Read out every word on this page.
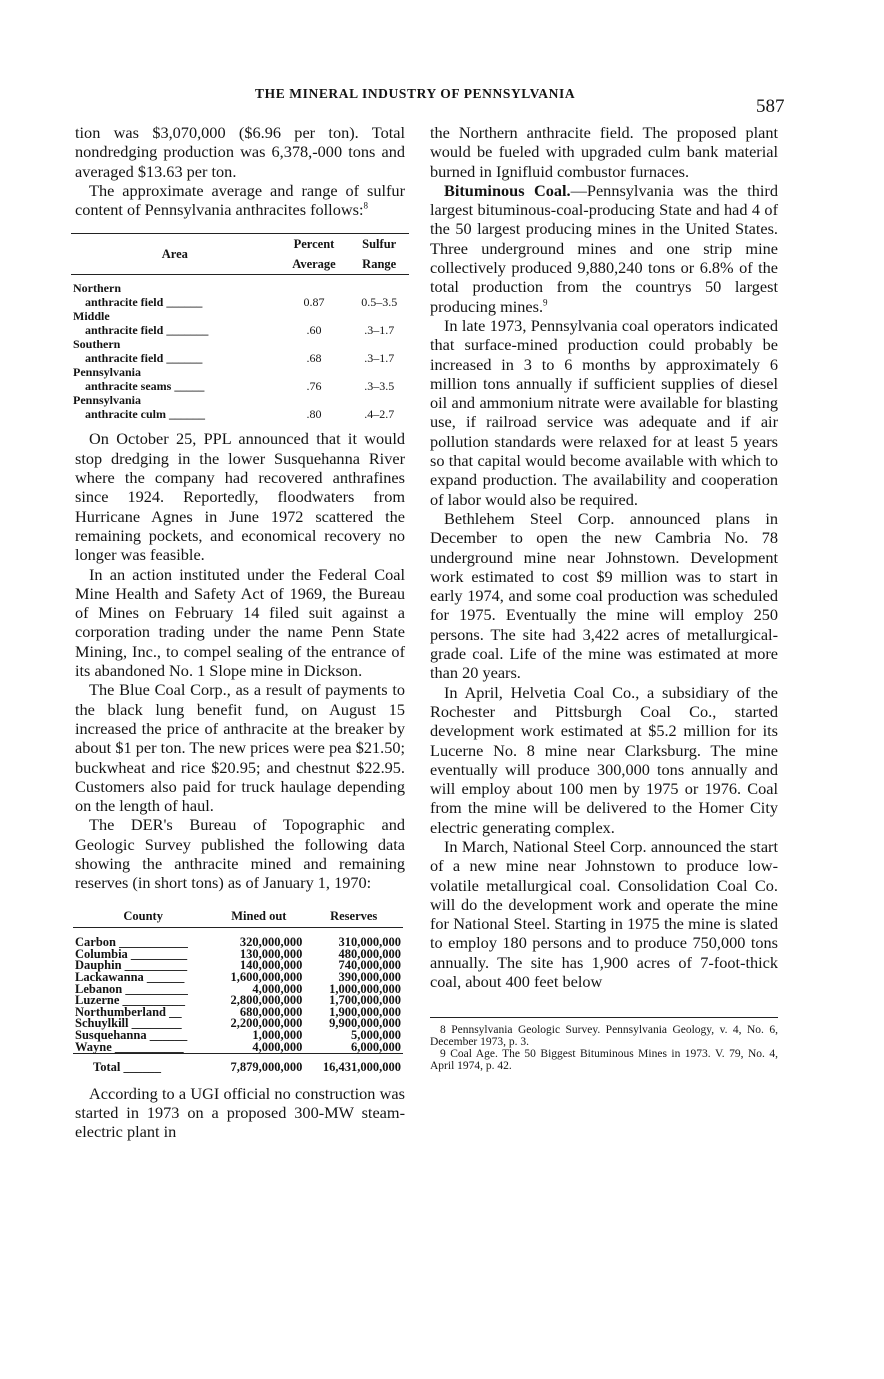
THE MINERAL INDUSTRY OF PENNSYLVANIA
587

tion was $3,070,000 ($6.96 per ton). Total nondredging production was 6,378,-000 tons and averaged $13.63 per ton.

The approximate average and range of sulfur content of Pennsylvania anthracites follows:$^8$

Area	Percent	Sulfur
	Average	Range
Northern		
anthracite field ______	0.87	0.5–3.5
Middle		
anthracite field _______	.60	.3–1.7
Southern		
anthracite field ______	.68	.3–1.7
Pennsylvania		
anthracite seams _____	.76	.3–3.5
Pennsylvania		
anthracite culm ______	.80	.4–2.7

On October 25, PPL announced that it would stop dredging in the lower Susquehanna River where the company had recovered anthrafines since 1924. Reportedly, floodwaters from Hurricane Agnes in June 1972 scattered the remaining pockets, and economical recovery no longer was feasible.

In an action instituted under the Federal Coal Mine Health and Safety Act of 1969, the Bureau of Mines on February 14 filed suit against a corporation trading under the name Penn State Mining, Inc., to compel sealing of the entrance of its abandoned No. 1 Slope mine in Dickson.

The Blue Coal Corp., as a result of payments to the black lung benefit fund, on August 15 increased the price of anthracite at the breaker by about $1 per ton. The new prices were pea $21.50; buckwheat and rice $20.95; and chestnut $22.95. Customers also paid for truck haulage depending on the length of haul.

The DER's Bureau of Topographic and Geologic Survey published the following data showing the anthracite mined and remaining reserves (in short tons) as of January 1, 1970:

County	Mined out	Reserves
Carbon ___________	320,000,000	310,000,000
Columbia _________	130,000,000	480,000,000
Dauphin __________	140,000,000	740,000,000
Lackawanna ______	1,600,000,000	390,000,000
Lebanon __________	4,000,000	1,000,000,000
Luzerne __________	2,800,000,000	1,700,000,000
Northumberland __	680,000,000	1,900,000,000
Schuylkill ________	2,200,000,000	9,900,000,000
Susquehanna ______	1,000,000	5,000,000
Wayne ___________	4,000,000	6,000,000
Total ______	7,879,000,000	16,431,000,000

According to a UGI official no construction was started in 1973 on a proposed 300-MW steam-electric plant in

the Northern anthracite field. The proposed plant would be fueled with upgraded culm bank material burned in Ignifluid combustor furnaces.

Bituminous Coal.—Pennsylvania was the third largest bituminous-coal-producing State and had 4 of the 50 largest producing mines in the United States. Three underground mines and one strip mine collectively produced 9,880,240 tons or 6.8% of the total production from the countrys 50 largest producing mines.$^9$

In late 1973, Pennsylvania coal operators indicated that surface-mined production could probably be increased in 3 to 6 months by approximately 6 million tons annually if sufficient supplies of diesel oil and ammonium nitrate were available for blasting use, if railroad service was adequate and if air pollution standards were relaxed for at least 5 years so that capital would become available with which to expand production. The availability and cooperation of labor would also be required.

Bethlehem Steel Corp. announced plans in December to open the new Cambria No. 78 underground mine near Johnstown. Development work estimated to cost $9 million was to start in early 1974, and some coal production was scheduled for 1975. Eventually the mine will employ 250 persons. The site had 3,422 acres of metallurgical-grade coal. Life of the mine was estimated at more than 20 years.

In April, Helvetia Coal Co., a subsidiary of the Rochester and Pittsburgh Coal Co., started development work estimated at $5.2 million for its Lucerne No. 8 mine near Clarksburg. The mine eventually will produce 300,000 tons annually and will employ about 100 men by 1975 or 1976. Coal from the mine will be delivered to the Homer City electric generating complex.

In March, National Steel Corp. announced the start of a new mine near Johnstown to produce low-volatile metallurgical coal. Consolidation Coal Co. will do the development work and operate the mine for National Steel. Starting in 1975 the mine is slated to employ 180 persons and to produce 750,000 tons annually. The site has 1,900 acres of 7-foot-thick coal, about 400 feet below

8 Pennsylvania Geologic Survey. Pennsylvania Geology, v. 4, No. 6, December 1973, p. 3.

9 Coal Age. The 50 Biggest Bituminous Mines in 1973. V. 79, No. 4, April 1974, p. 42.
